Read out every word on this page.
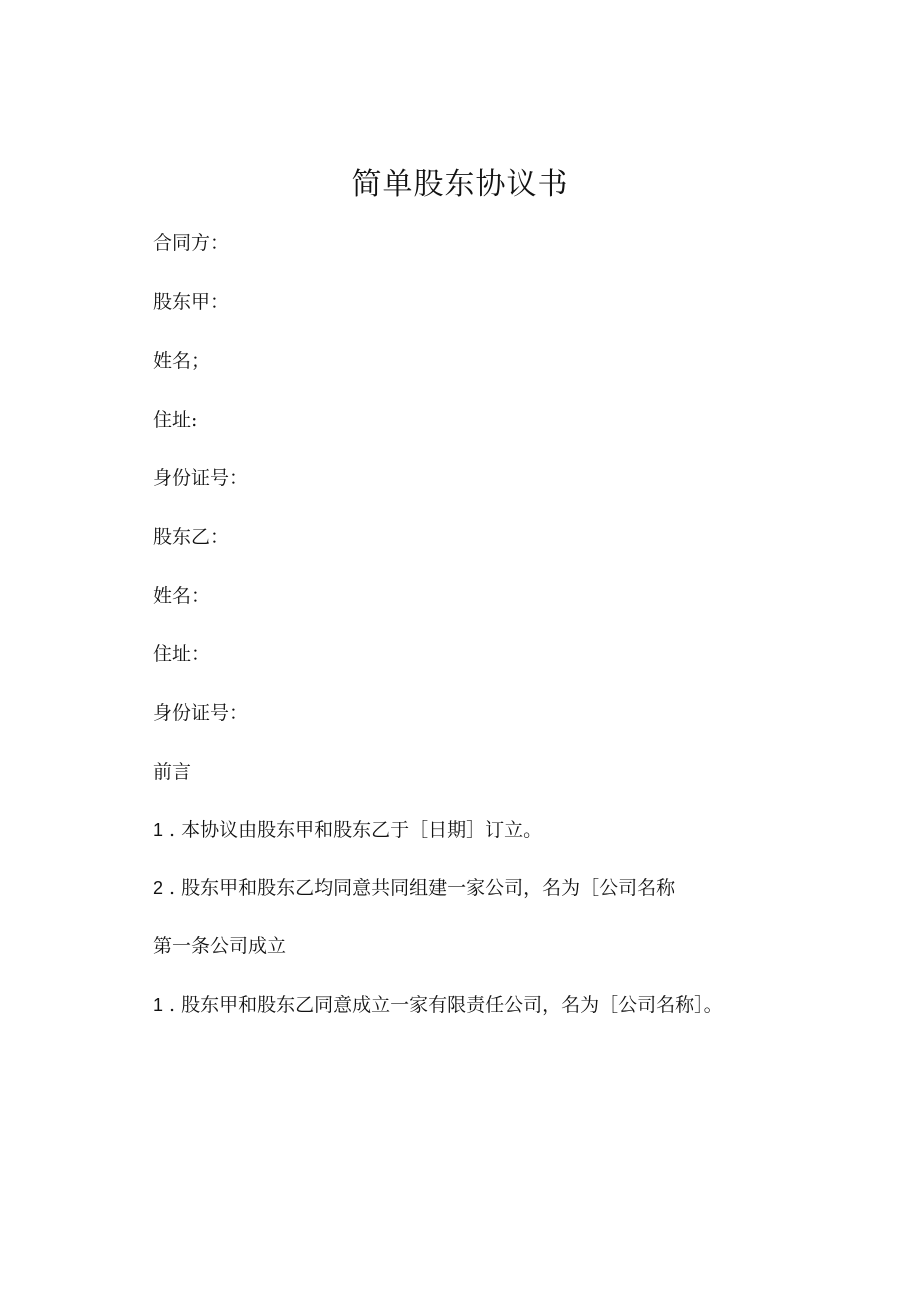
简单股东协议书

合同方：

股东甲：

姓名；

住址:

身份证号：

股东乙：

姓名：

住址：

身份证号：

前言

1 . 本协议由股东甲和股东乙于［日期］订立。

2 . 股东甲和股东乙均同意共同组建一家公司，名为［公司名称

第一条公司成立

1 . 股东甲和股东乙同意成立一家有限责任公司，名为［公司名称］。
